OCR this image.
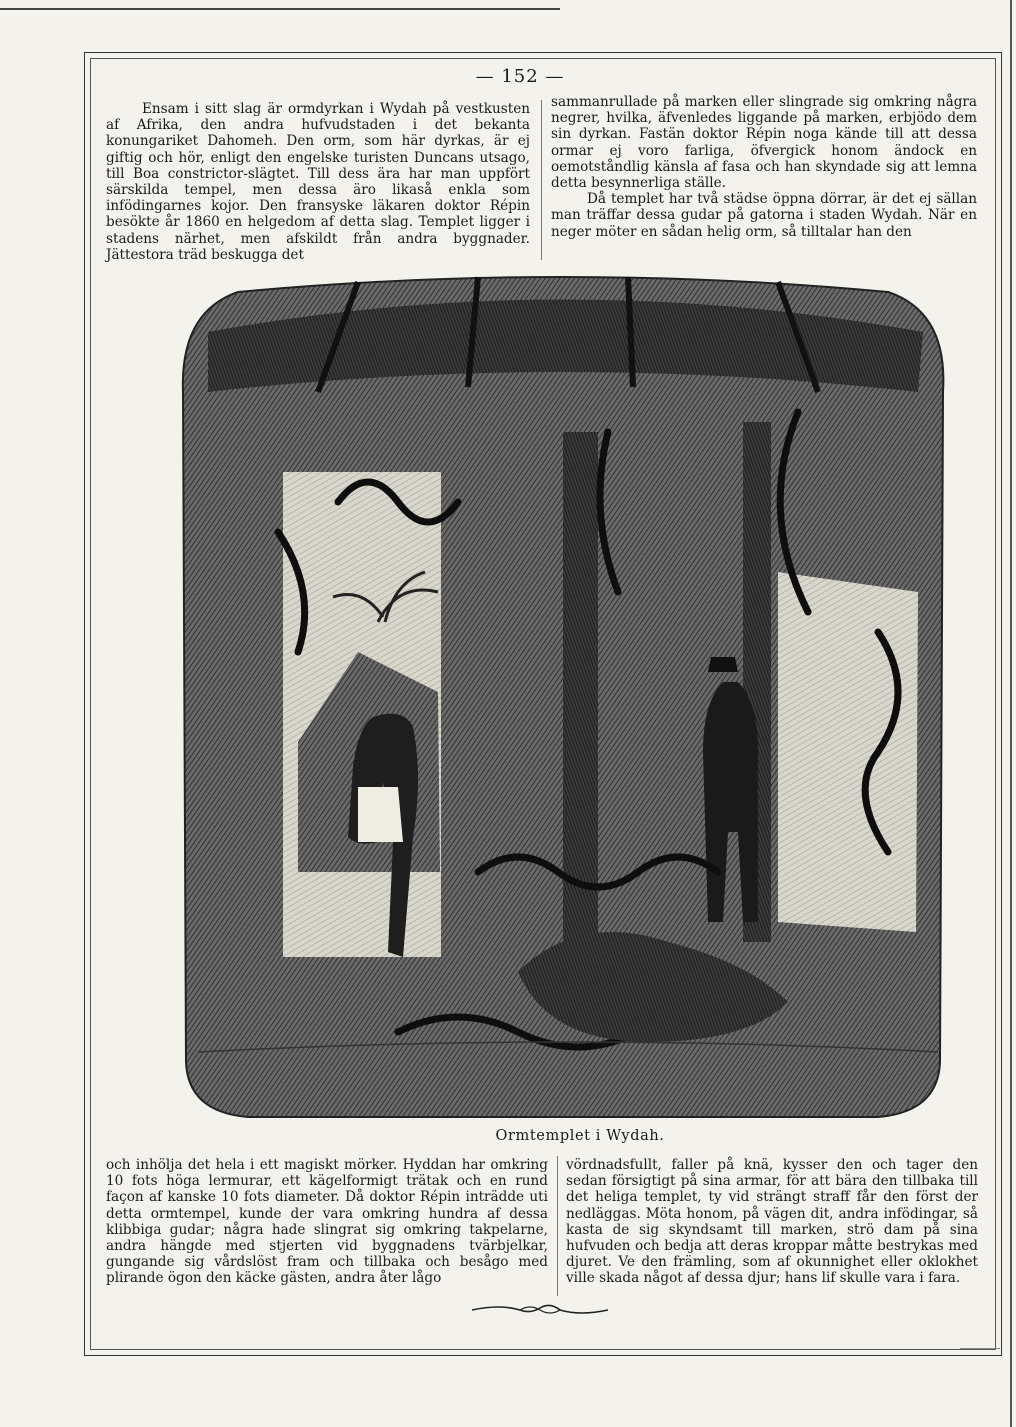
— 152 —

Ensam i sitt slag är ormdyrkan i Wydah på vestkusten af Afrika, den andra hufvudstaden i det bekanta konungariket Dahomeh. Den orm, som här dyrkas, är ej giftig och hör, enligt den engelske turisten Duncans utsago, till Boa constrictor-slägtet. Till dess ära har man uppfört särskilda tempel, men dessa äro likaså enkla som infödingarnes kojor. Den fransyske läkaren doktor Répin besökte år 1860 en helgedom af detta slag. Templet ligger i stadens närhet, men afskildt från andra byggnader. Jättestora träd beskugga det

sammanrullade på marken eller slingrade sig omkring några negrer, hvilka, äfvenledes liggande på marken, erbjödo dem sin dyrkan. Fastän doktor Répin noga kände till att dessa ormar ej voro farliga, öfvergick honom ändock en oemotståndlig känsla af fasa och han skyndade sig att lemna detta besynnerliga ställe.

Då templet har två städse öppna dörrar, är det ej sällan man träffar dessa gudar på gatorna i staden Wydah. När en neger möter en sådan helig orm, så tilltalar han den

Ormtemplet i Wydah.

och inhölja det hela i ett magiskt mörker. Hyddan har omkring 10 fots höga lermurar, ett kägelformigt trätak och en rund façon af kanske 10 fots diameter. Då doktor Répin inträdde uti detta ormtempel, kunde der vara omkring hundra af dessa klibbiga gudar; några hade slingrat sig omkring takpelarne, andra hängde med stjerten vid byggnadens tvärbjelkar, gungande sig vårdslöst fram och tillbaka och besågo med plirande ögon den käcke gästen, andra åter lågo

vördnadsfullt, faller på knä, kysser den och tager den sedan försigtigt på sina armar, för att bära den tillbaka till det heliga templet, ty vid strängt straff får den först der nedläggas. Möta honom, på vägen dit, andra infödingar, så kasta de sig skyndsamt till marken, strö dam på sina hufvuden och bedja att deras kroppar måtte bestrykas med djuret. Ve den främling, som af okunnighet eller oklokhet ville skada något af dessa djur; hans lif skulle vara i fara.
